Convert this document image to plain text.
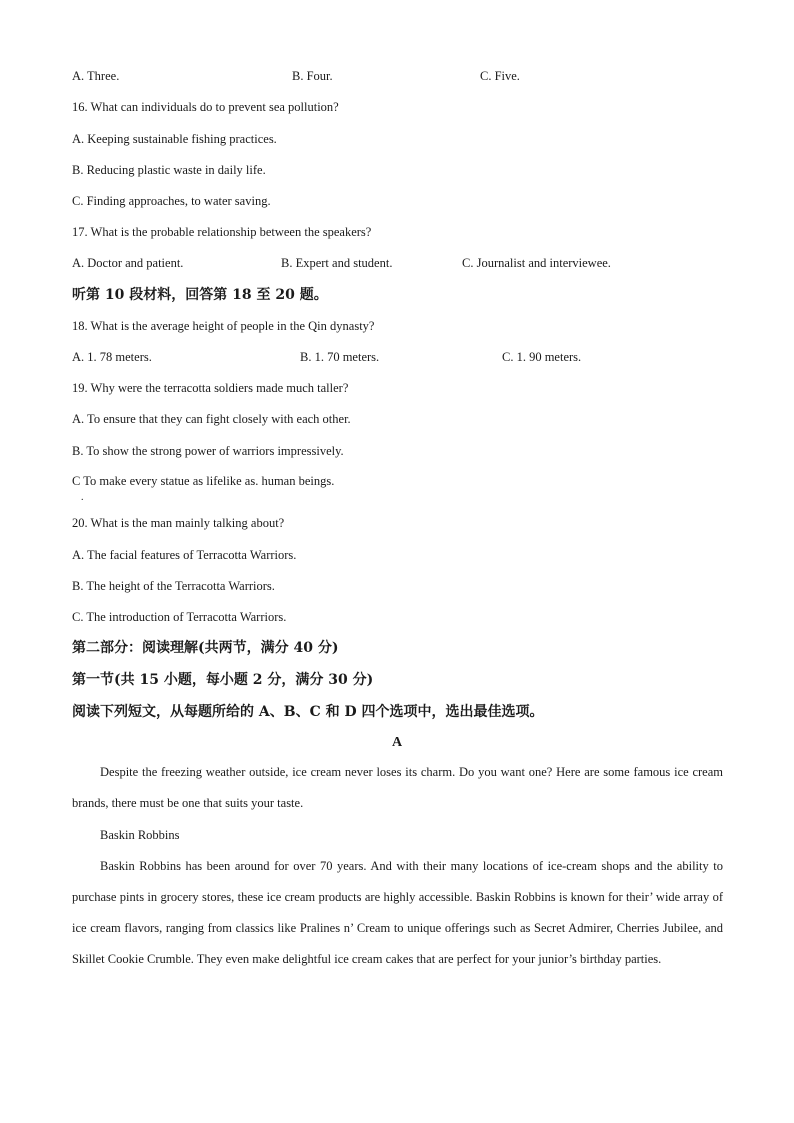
A. Three.	B. Four.	C. Five.
16. What can individuals do to prevent sea pollution?
A. Keeping sustainable fishing practices.
B. Reducing plastic waste in daily life.
C. Finding approaches, to water saving.
17. What is the probable relationship between the speakers?
A. Doctor and patient.	B. Expert and student.	C. Journalist and interviewee.
听第 10 段材料，回答第 18 至 20 题。
18. What is the average height of people in the Qin dynasty?
A. 1. 78 meters.	B. 1. 70 meters.	C. 1. 90 meters.
19. Why were the terracotta soldiers made much taller?
A. To ensure that they can fight closely with each other.
B. To show the strong power of warriors impressively.
C To make every statue as lifelike as. human beings.
.
20. What is the man mainly talking about?
A. The facial features of Terracotta Warriors.
B. The height of the Terracotta Warriors.
C. The introduction of Terracotta Warriors.
第二部分：阅读理解(共两节，满分 40 分)
第一节(共 15 小题，每小题 2 分，满分 30 分)
阅读下列短文，从每题所给的 A、B、C 和 D 四个选项中，选出最佳选项。
A
Despite the freezing weather outside, ice cream never loses its charm. Do you want one? Here are some famous ice cream brands, there must be one that suits your taste.
Baskin Robbins
Baskin Robbins has been around for over 70 years. And with their many locations of ice-cream shops and the ability to purchase pints in grocery stores, these ice cream products are highly accessible. Baskin Robbins is known for their’ wide array of ice cream flavors, ranging from classics like Pralines n’ Cream to unique offerings such as Secret Admirer, Cherries Jubilee, and Skillet Cookie Crumble. They even make delightful ice cream cakes that are perfect for your junior’s birthday parties.
